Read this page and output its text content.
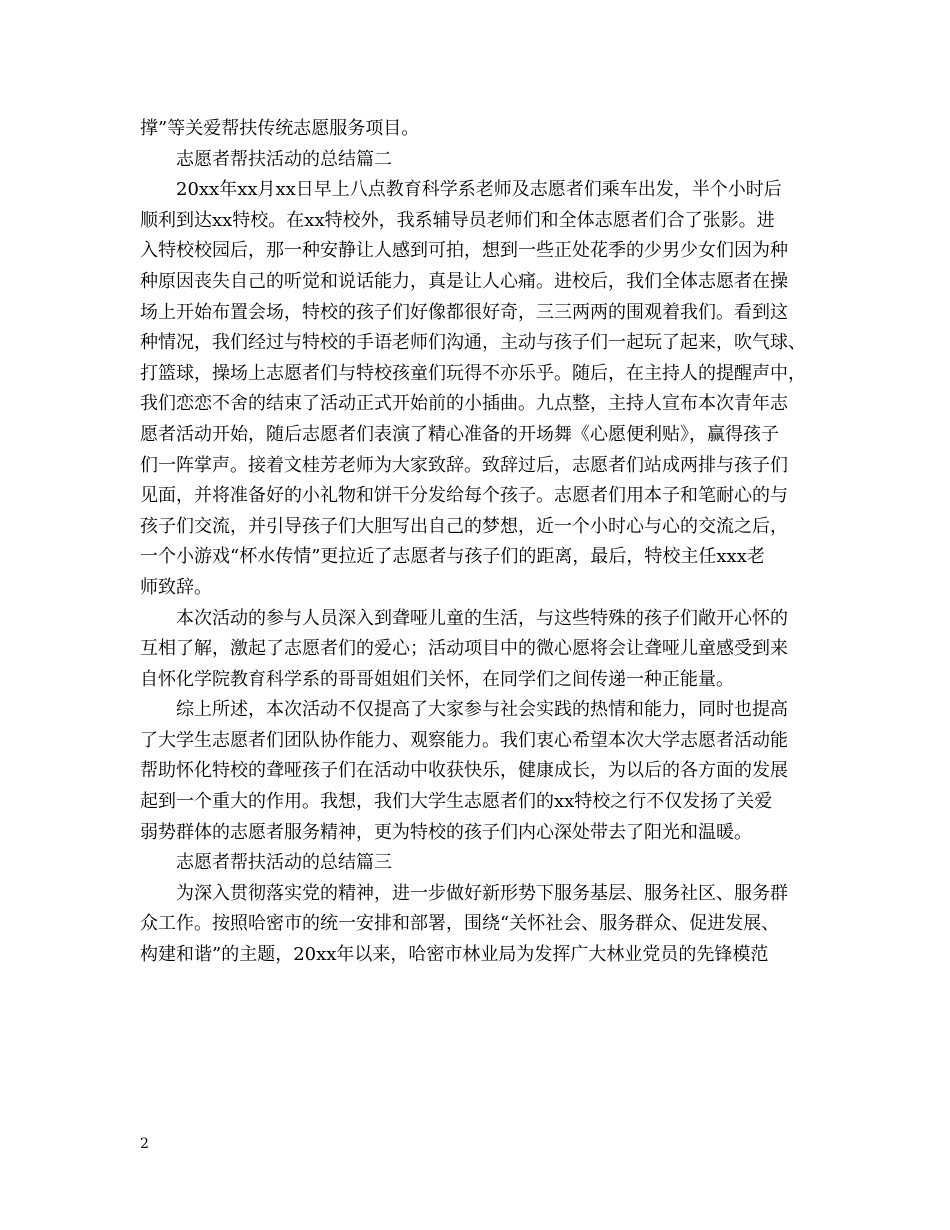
撑”等关爱帮扶传统志愿服务项目。
志愿者帮扶活动的总结篇二
20xx年xx月xx日早上八点教育科学系老师及志愿者们乘车出发，半个小时后
顺利到达xx特校。在xx特校外，我系辅导员老师们和全体志愿者们合了张影。进
入特校校园后，那一种安静让人感到可拍，想到一些正处花季的少男少女们因为种
种原因丧失自己的听觉和说话能力，真是让人心痛。进校后，我们全体志愿者在操
场上开始布置会场，特校的孩子们好像都很好奇，三三两两的围观着我们。看到这
种情况，我们经过与特校的手语老师们沟通，主动与孩子们一起玩了起来，吹气球、
打篮球，操场上志愿者们与特校孩童们玩得不亦乐乎。随后，在主持人的提醒声中，
我们恋恋不舍的结束了活动正式开始前的小插曲。九点整，主持人宣布本次青年志
愿者活动开始，随后志愿者们表演了精心准备的开场舞《心愿便利贴》，赢得孩子
们一阵掌声。接着文桂芳老师为大家致辞。致辞过后，志愿者们站成两排与孩子们
见面，并将准备好的小礼物和饼干分发给每个孩子。志愿者们用本子和笔耐心的与
孩子们交流，并引导孩子们大胆写出自己的梦想，近一个小时心与心的交流之后，
一个小游戏“杯水传情”更拉近了志愿者与孩子们的距离，最后，特校主任xxx老
师致辞。
本次活动的参与人员深入到聋哑儿童的生活，与这些特殊的孩子们敞开心怀的
互相了解，激起了志愿者们的爱心；活动项目中的微心愿将会让聋哑儿童感受到来
自怀化学院教育科学系的哥哥姐姐们关怀，在同学们之间传递一种正能量。
综上所述，本次活动不仅提高了大家参与社会实践的热情和能力，同时也提高
了大学生志愿者们团队协作能力、观察能力。我们衷心希望本次大学志愿者活动能
帮助怀化特校的聋哑孩子们在活动中收获快乐，健康成长，为以后的各方面的发展
起到一个重大的作用。我想，我们大学生志愿者们的xx特校之行不仅发扬了关爱
弱势群体的志愿者服务精神，更为特校的孩子们内心深处带去了阳光和温暖。
志愿者帮扶活动的总结篇三
为深入贯彻落实党的精神，进一步做好新形势下服务基层、服务社区、服务群
众工作。按照哈密市的统一安排和部署，围绕“关怀社会、服务群众、促进发展、
构建和谐”的主题，20xx年以来，哈密市林业局为发挥广大林业党员的先锋模范
2
